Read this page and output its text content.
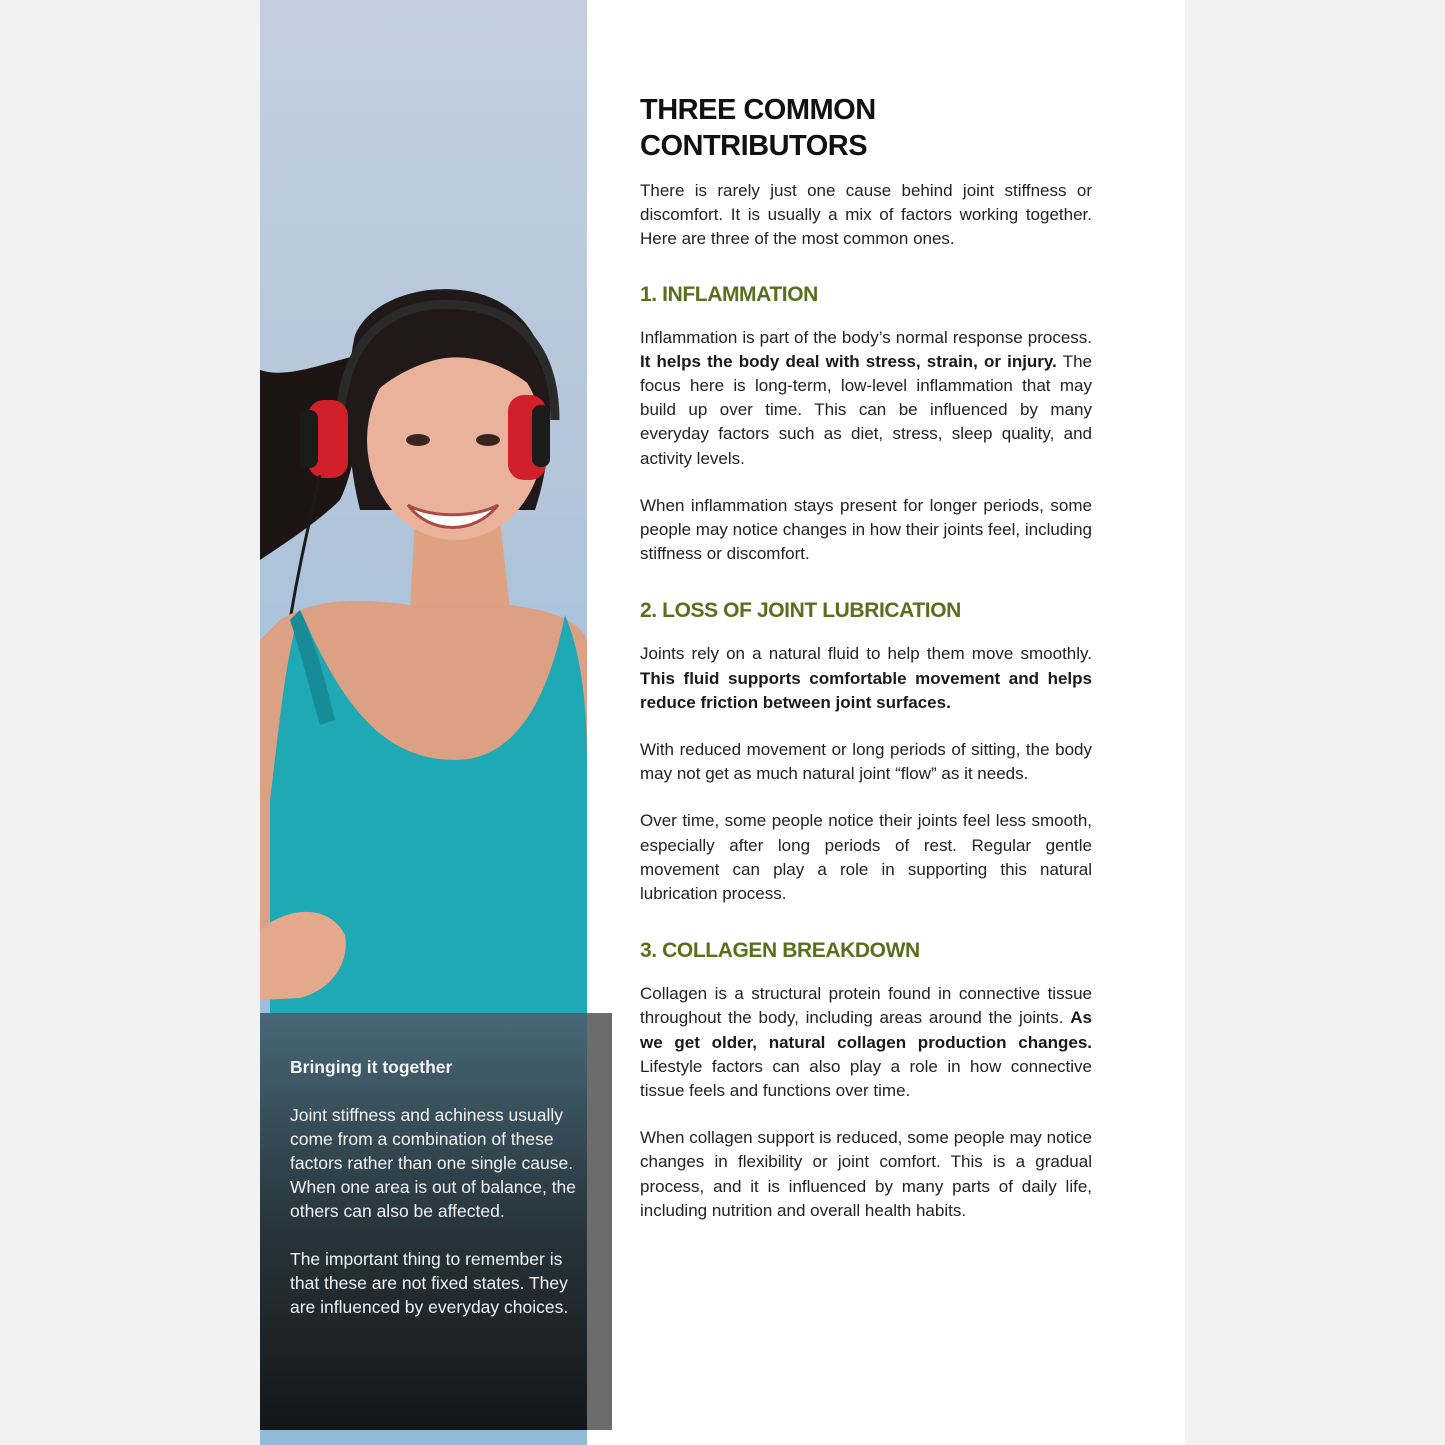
Bringing it together

Joint stiffness and achiness usually come from a combination of these factors rather than one single cause. When one area is out of balance, the others can also be affected.

The important thing to remember is that these are not fixed states. They are influenced by everyday choices.

THREE COMMON CONTRIBUTORS

There is rarely just one cause behind joint stiffness or discomfort. It is usually a mix of factors working together. Here are three of the most common ones.

1. INFLAMMATION

Inflammation is part of the body’s normal response process. It helps the body deal with stress, strain, or injury. The focus here is long-term, low-level inflammation that may build up over time. This can be influenced by many everyday factors such as diet, stress, sleep quality, and activity levels.

When inflammation stays present for longer periods, some people may notice changes in how their joints feel, including stiffness or discomfort.

2. LOSS OF JOINT LUBRICATION

Joints rely on a natural fluid to help them move smoothly. This fluid supports comfortable movement and helps reduce friction between joint surfaces.

With reduced movement or long periods of sitting, the body may not get as much natural joint “flow” as it needs.

Over time, some people notice their joints feel less smooth, especially after long periods of rest. Regular gentle movement can play a role in supporting this natural lubrication process.

3. COLLAGEN BREAKDOWN

Collagen is a structural protein found in connective tissue throughout the body, including areas around the joints. As we get older, natural collagen production changes. Lifestyle factors can also play a role in how connective tissue feels and functions over time.

When collagen support is reduced, some people may notice changes in flexibility or joint comfort. This is a gradual process, and it is influenced by many parts of daily life, including nutrition and overall health habits.
